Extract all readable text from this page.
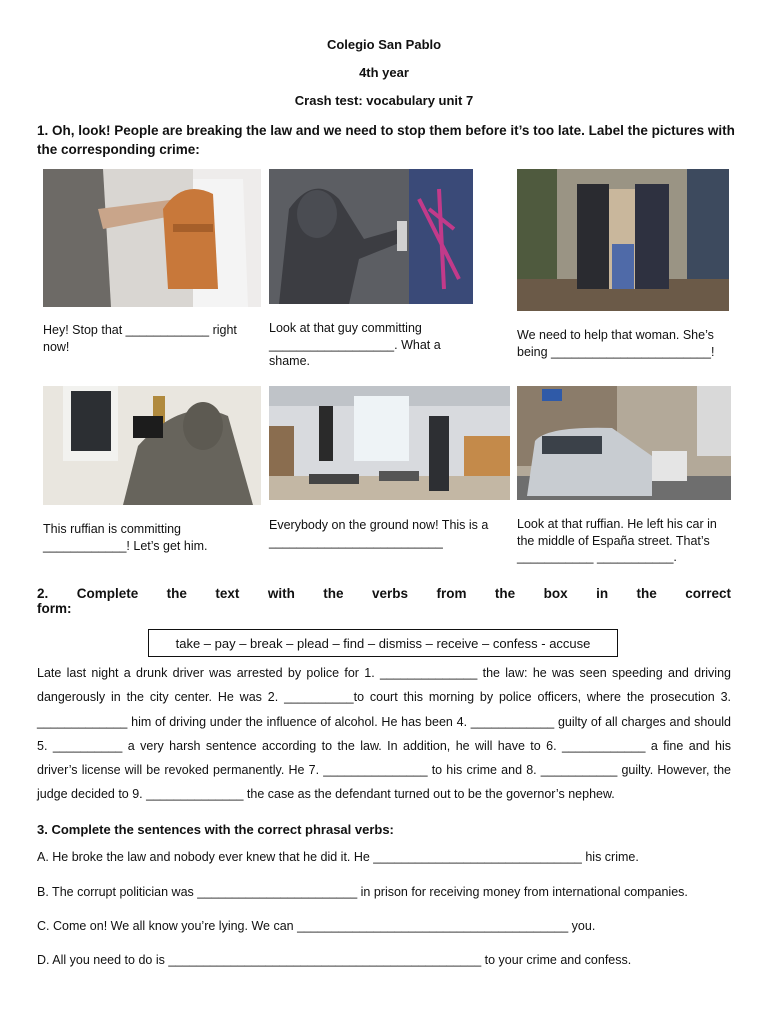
Colegio San Pablo
4th year
Crash test: vocabulary unit 7
1. Oh, look! People are breaking the law and we need to stop them before it’s too late. Label the pictures with the corresponding crime:
Hey! Stop that ____________ right now!
Look at that guy committing __________________. What a shame.
We need to help that woman. She’s being _______________________!
This ruffian is committing ____________! Let’s get him.
Everybody on the ground now! This is a _________________________
Look at that ruffian. He left his car in the middle of España street. That’s ___________ ___________.
2. Complete the text with the verbs from the box in the correct form:
take – pay – break – plead – find – dismiss – receive – confess - accuse
Late last night a drunk driver was arrested by police for 1. ______________ the law: he was seen speeding and driving dangerously in the city center. He was 2. __________to court this morning by police officers, where the prosecution 3. _____________ him of driving under the influence of alcohol. He has been 4. ____________ guilty of all charges and should 5. __________ a very harsh sentence according to the law. In addition, he will have to 6. ____________ a fine and his driver’s license will be revoked permanently. He 7. _______________ to his crime and 8. ___________ guilty. However, the judge decided to 9. ______________ the case as the defendant turned out to be the governor’s nephew.
3. Complete the sentences with the correct phrasal verbs:
A. He broke the law and nobody ever knew that he did it. He ______________________________ his crime.
B. The corrupt politician was _______________________ in prison for receiving money from international companies.
C. Come on! We all know you’re lying. We can _______________________________________ you.
D. All you need to do is _____________________________________________ to your crime and confess.
